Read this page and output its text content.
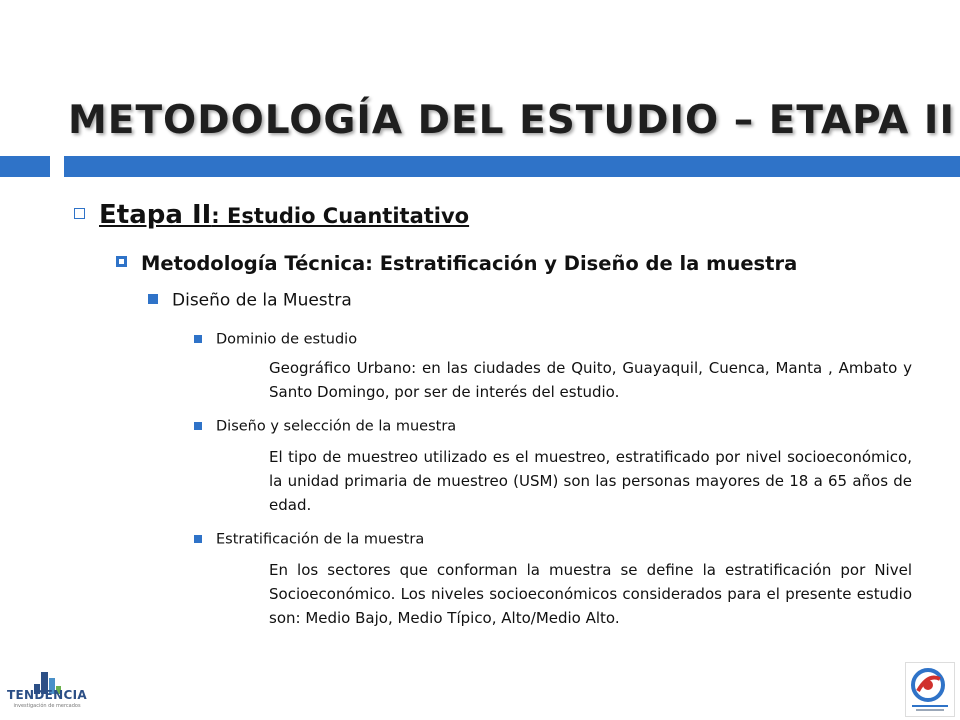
METODOLOGÍA DEL ESTUDIO – ETAPA II
Etapa II: Estudio Cuantitativo
Metodología Técnica: Estratificación y Diseño de la muestra
Diseño de la Muestra
Dominio de estudio

Geográfico Urbano: en las ciudades de Quito, Guayaquil, Cuenca, Manta , Ambato y Santo Domingo, por ser de interés del estudio.

Diseño y selección de la muestra

El tipo de muestreo utilizado es el muestreo, estratificado por nivel socioeconómico, la unidad primaria de muestreo (USM) son las personas mayores de 18 a 65 años de edad.

Estratificación de la muestra

En los sectores que conforman la muestra se define la estratificación por Nivel Socioeconómico. Los niveles socioeconómicos considerados para el presente estudio son: Medio Bajo, Medio Típico, Alto/Medio Alto.

TENDENCIA
investigación de mercados
